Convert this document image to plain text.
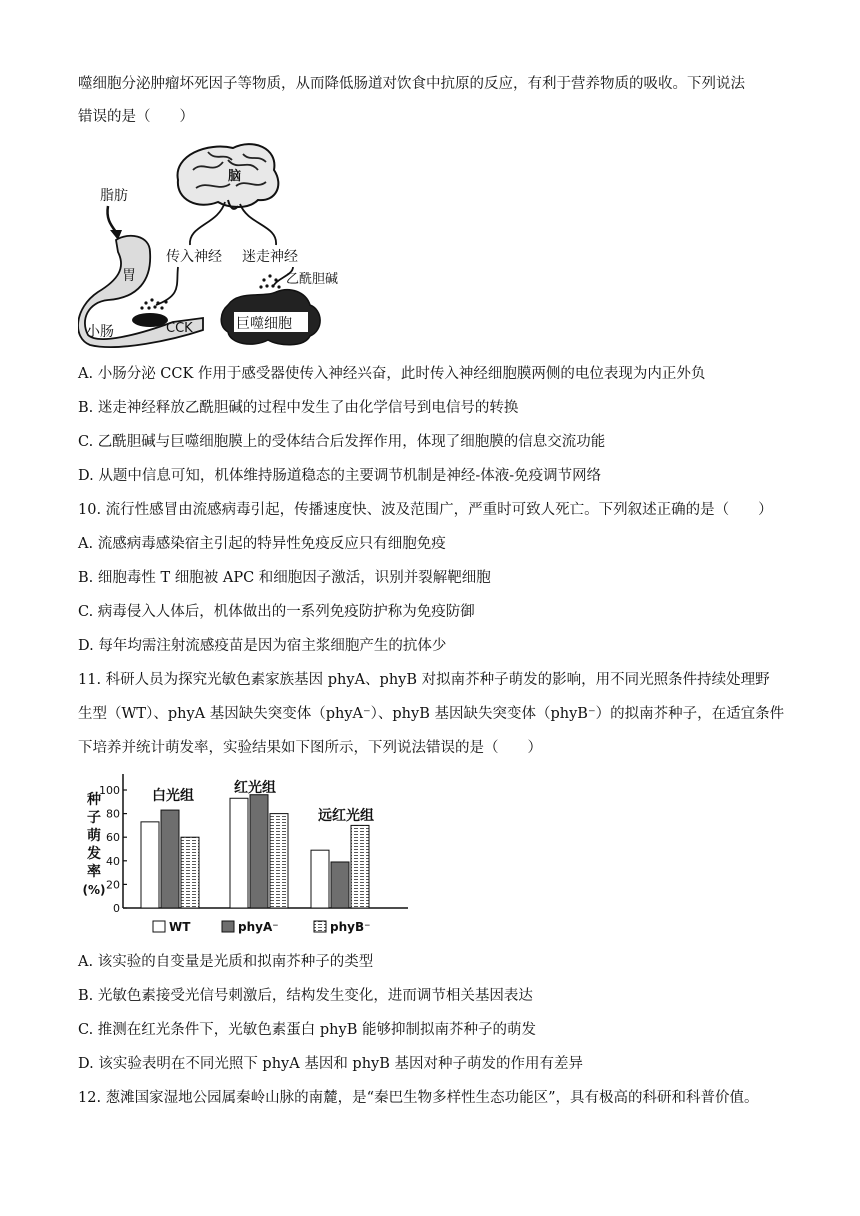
噬细胞分泌肿瘤坏死因子等物质，从而降低肠道对饮食中抗原的反应，有利于营养物质的吸收。下列说法
错误的是（　　）
脑
传入神经 迷走神经
脂肪
胃
小肠	CCK
乙酰胆碱
巨噬细胞
A. 小肠分泌 CCK 作用于感受器使传入神经兴奋，此时传入神经细胞膜两侧的电位表现为内正外负
B. 迷走神经释放乙酰胆碱的过程中发生了由化学信号到电信号的转换
C. 乙酰胆碱与巨噬细胞膜上的受体结合后发挥作用，体现了细胞膜的信息交流功能
D. 从题中信息可知，机体维持肠道稳态的主要调节机制是神经-体液-免疫调节网络
10. 流行性感冒由流感病毒引起，传播速度快、波及范围广，严重时可致人死亡。下列叙述正确的是（　　）
A. 流感病毒感染宿主引起的特异性免疫反应只有细胞免疫
B. 细胞毒性 T 细胞被 APC 和细胞因子激活，识别并裂解靶细胞
C. 病毒侵入人体后，机体做出的一系列免疫防护称为免疫防御
D. 每年均需注射流感疫苗是因为宿主浆细胞产生的抗体少
11. 科研人员为探究光敏色素家族基因 phyA、phyB 对拟南芥种子萌发的影响，用不同光照条件持续处理野
生型（WT）、phyA 基因缺失突变体（phyA⁻）、phyB 基因缺失突变体（phyB⁻）的拟南芥种子，在适宜条件
下培养并统计萌发率，实验结果如下图所示，下列说法错误的是（　　）
种
子
萌
发
率
(%)
0
20
40
60
80
100 白光组	红光组
远红光组
WT	phyA⁻	phyB⁻
A. 该实验的自变量是光质和拟南芥种子的类型
B. 光敏色素接受光信号刺激后，结构发生变化，进而调节相关基因表达
C. 推测在红光条件下，光敏色素蛋白 phyB 能够抑制拟南芥种子的萌发
D. 该实验表明在不同光照下 phyA 基因和 phyB 基因对种子萌发的作用有差异
12. 葱滩国家湿地公园属秦岭山脉的南麓，是“秦巴生物多样性生态功能区”，具有极高的科研和科普价值。
